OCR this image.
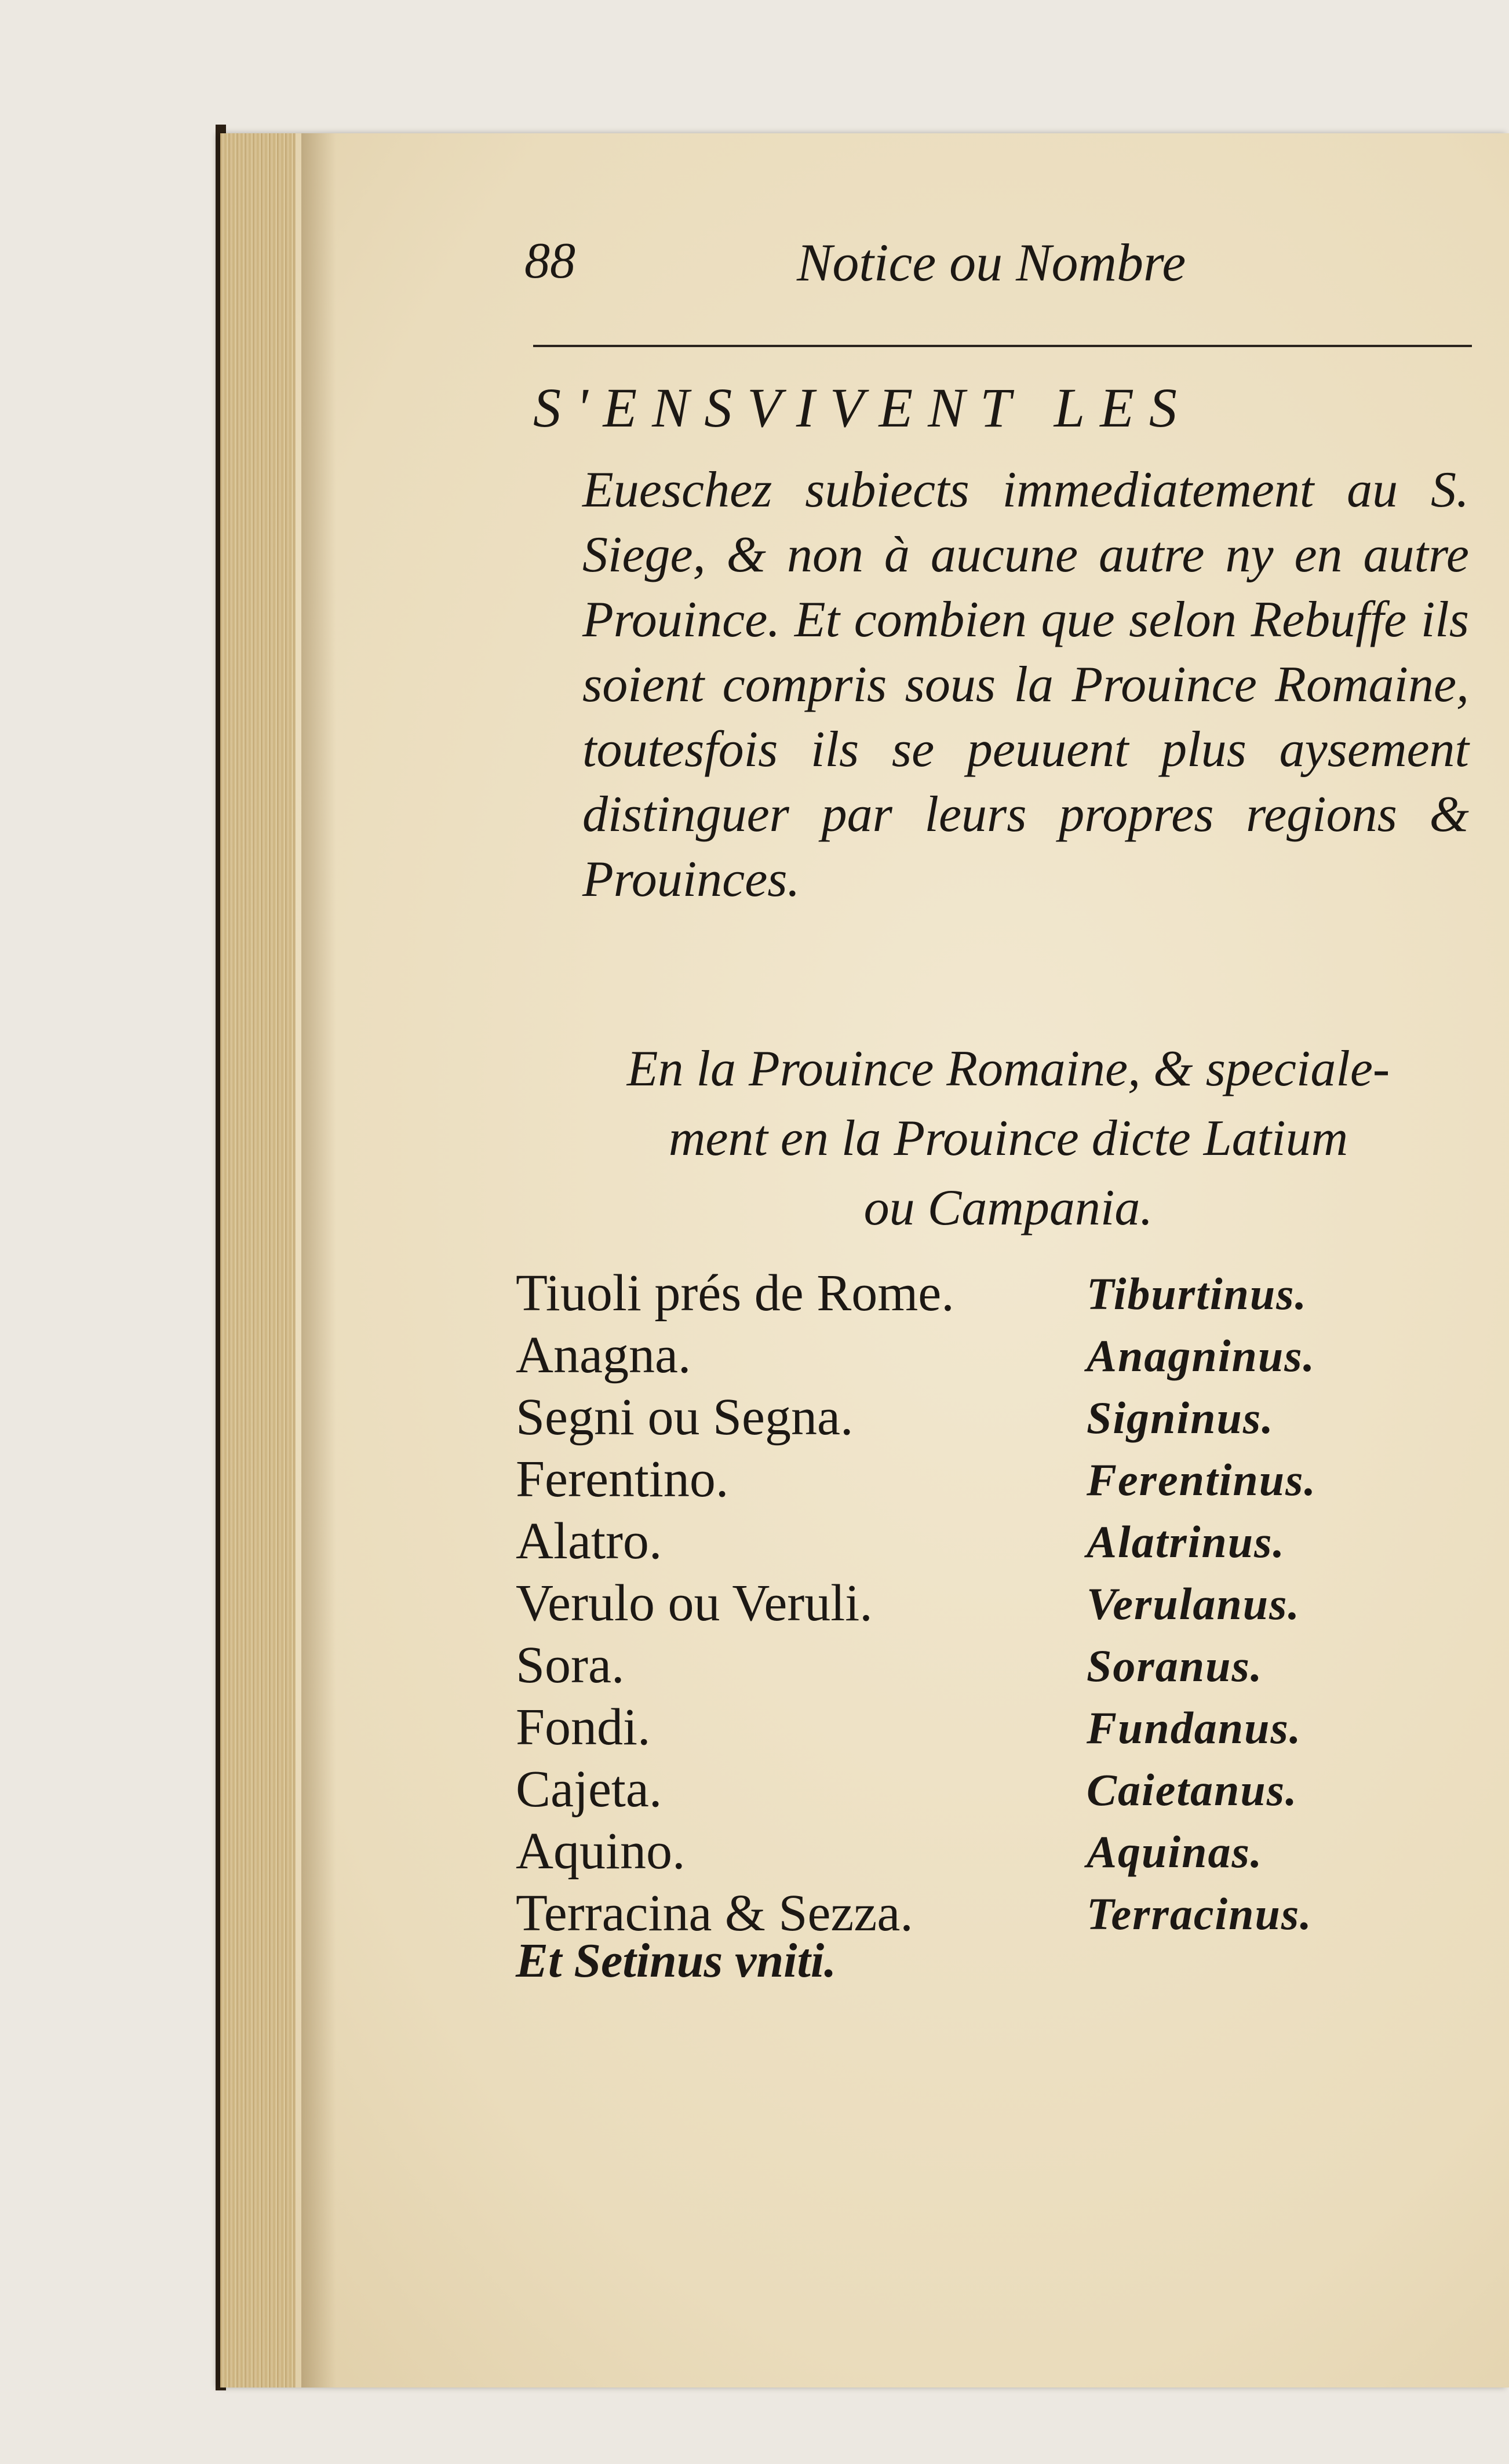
88	Notice ou Nombre
S'ENSVIVENT LES
Eueschez subiects immediatement au S. Siege, & non à aucune autre ny en autre Prouince. Et combien que selon Rebuffe ils soient compris sous la Prouince Romaine, toutesfois ils se peuuent plus aysement distinguer par leurs propres regions & Prouinces.
En la Prouince Romaine, & speciale-
ment en la Prouince dicte Latium
ou Campania.
Tiuoli prés de Rome.	Tiburtinus.
Anagna.	Anagninus.
Segni ou Segna.	Signinus.
Ferentino.	Ferentinus.
Alatro.	Alatrinus.
Verulo ou Veruli.	Verulanus.
Sora.	Soranus.
Fondi.	Fundanus.
Cajeta.	Caietanus.
Aquino.	Aquinas.
Terracina & Sezza.	Terracinus.
Et Setinus vniti.
